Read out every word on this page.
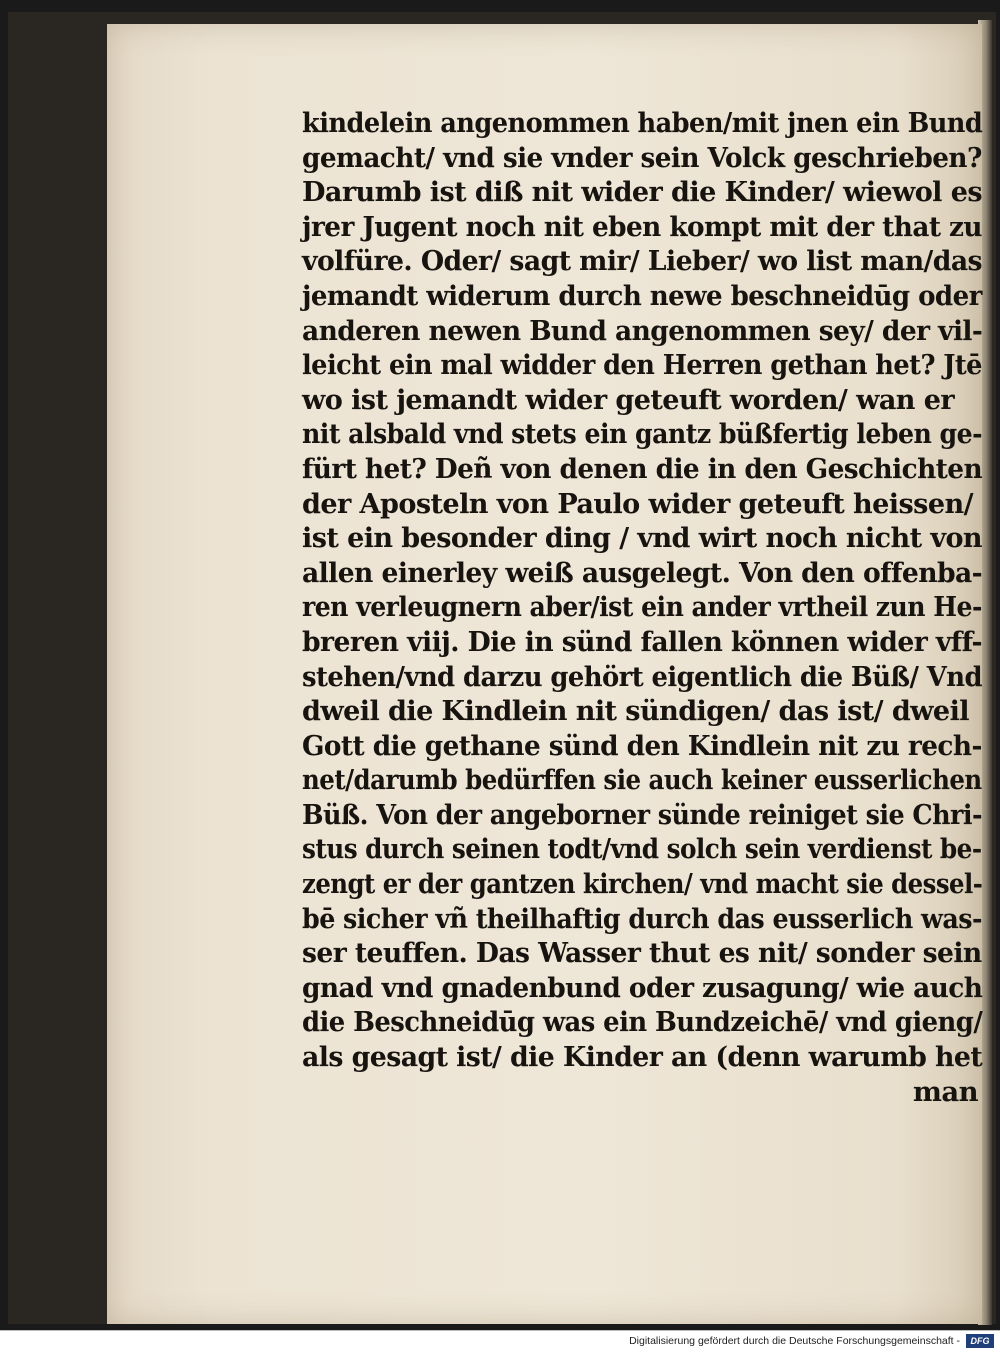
kindelein angenommen haben/mit jnen ein Bund
gemacht/ vnd sie vnder sein Volck geschrieben?
Darumb ist diß nit wider die Kinder/ wiewol es
jrer Jugent noch nit eben kompt mit der that zu
volfüre. Oder/ sagt mir/ Lieber/ wo list man/das
jemandt widerum durch newe beschneidūg oder
anderen newen Bund angenommen sey/ der vil-
leicht ein mal widder den Herren gethan het? Jtē
wo ist jemandt wider geteuft worden/ wan er
nit alsbald vnd stets ein gantz büßfertig leben ge-
fürt het? Deñ von denen die in den Geschichten
der Aposteln von Paulo wider geteuft heissen/
ist ein besonder ding / vnd wirt noch nicht von
allen einerley weiß ausgelegt. Von den offenba-
ren verleugnern aber/ist ein ander vrtheil zun He-
breren viij. Die in sünd fallen können wider vff-
stehen/vnd darzu gehört eigentlich die Büß/ Vnd
dweil die Kindlein nit sündigen/ das ist/ dweil
Gott die gethane sünd den Kindlein nit zu rech-
net/darumb bedürffen sie auch keiner eusserlichen
Büß. Von der angeborner sünde reiniget sie Chri-
stus durch seinen todt/vnd solch sein verdienst be-
zengt er der gantzen kirchen/ vnd macht sie dessel-
bē sicher vñ theilhaftig durch das eusserlich was-
ser teuffen. Das Wasser thut es nit/ sonder sein
gnad vnd gnadenbund oder zusagung/ wie auch
die Beschneidūg was ein Bundzeichē/ vnd gieng/
als gesagt ist/ die Kinder an (denn warumb het
man
Digitalisierung gefördert durch die Deutsche Forschungsgemeinschaft -	DFG
